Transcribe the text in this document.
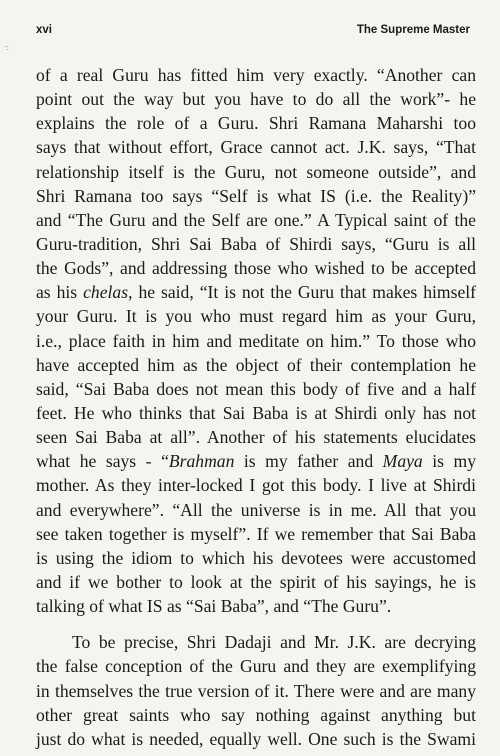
·:
xvi	The Supreme Master
of a real Guru has fitted him very exactly. “Another can
point out the way but you have to do all the work”- he
explains the role of a Guru. Shri Ramana Maharshi too
says that without effort, Grace cannot act. J.K. says, “That
relationship itself is the Guru, not someone outside”, and
Shri Ramana too says “Self is what IS (i.e. the Reality)”
and “The Guru and the Self are one.” A Typical saint of the
Guru-tradition, Shri Sai Baba of Shirdi says, “Guru is all
the Gods”, and addressing those who wished to be accepted
as his chelas, he said, “It is not the Guru that makes himself
your Guru. It is you who must regard him as your Guru,
i.e., place faith in him and meditate on him.” To those who
have accepted him as the object of their contemplation he
said, “Sai Baba does not mean this body of five and a half
feet. He who thinks that Sai Baba is at Shirdi only has not
seen Sai Baba at all”. Another of his statements elucidates
what he says - “Brahman is my father and Maya is my
mother. As they inter-locked I got this body. I live at Shirdi
and everywhere”. “All the universe is in me. All that you
see taken together is myself”. If we remember that Sai Baba
is using the idiom to which his devotees were accustomed
and if we bother to look at the spirit of his sayings, he is
talking of what IS as “Sai Baba”, and “The Guru”.
To be precise, Shri Dadaji and Mr. J.K. are decrying
the false conception of the Guru and they are exemplifying
in themselves the true version of it. There were and are many
other great saints who say nothing against anything but
just do what is needed, equally well. One such is the Swami
